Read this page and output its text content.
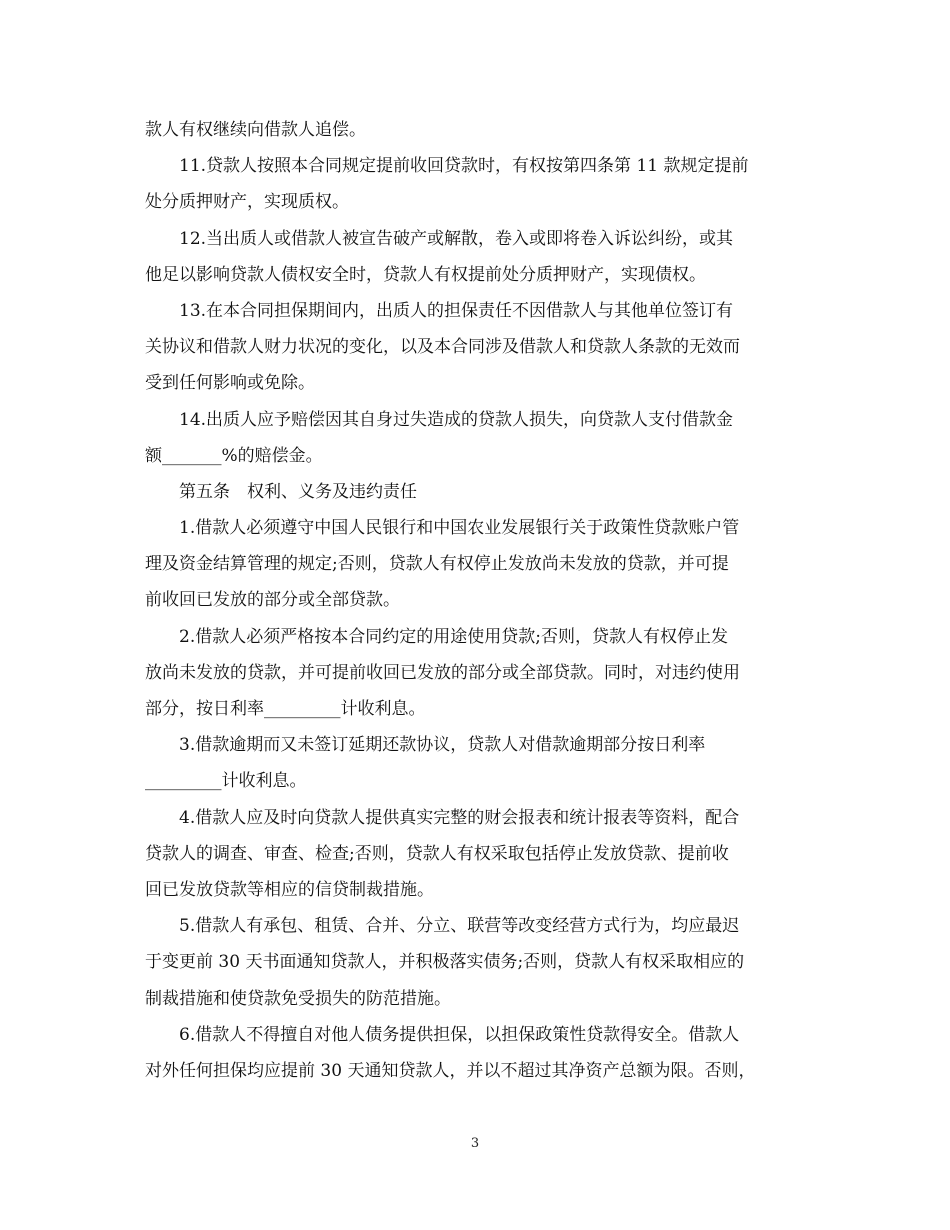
款人有权继续向借款人追偿。
11.贷款人按照本合同规定提前收回贷款时，有权按第四条第 11 款规定提前
处分质押财产，实现质权。
12.当出质人或借款人被宣告破产或解散，卷入或即将卷入诉讼纠纷，或其
他足以影响贷款人债权安全时，贷款人有权提前处分质押财产，实现债权。
13.在本合同担保期间内，出质人的担保责任不因借款人与其他单位签订有
关协议和借款人财力状况的变化，以及本合同涉及借款人和贷款人条款的无效而
受到任何影响或免除。
14.出质人应予赔偿因其自身过失造成的贷款人损失，向贷款人支付借款金
额_______%的赔偿金。
第五条　权利、义务及违约责任
1.借款人必须遵守中国人民银行和中国农业发展银行关于政策性贷款账户管
理及资金结算管理的规定;否则，贷款人有权停止发放尚未发放的贷款，并可提
前收回已发放的部分或全部贷款。
2.借款人必须严格按本合同约定的用途使用贷款;否则，贷款人有权停止发
放尚未发放的贷款，并可提前收回已发放的部分或全部贷款。同时，对违约使用
部分，按日利率_________计收利息。
3.借款逾期而又未签订延期还款协议，贷款人对借款逾期部分按日利率
_________计收利息。
4.借款人应及时向贷款人提供真实完整的财会报表和统计报表等资料，配合
贷款人的调查、审查、检查;否则，贷款人有权采取包括停止发放贷款、提前收
回已发放贷款等相应的信贷制裁措施。
5.借款人有承包、租赁、合并、分立、联营等改变经营方式行为，均应最迟
于变更前 30 天书面通知贷款人，并积极落实债务;否则，贷款人有权采取相应的
制裁措施和使贷款免受损失的防范措施。
6.借款人不得擅自对他人债务提供担保，以担保政策性贷款得安全。借款人
对外任何担保均应提前 30 天通知贷款人，并以不超过其净资产总额为限。否则，
3
